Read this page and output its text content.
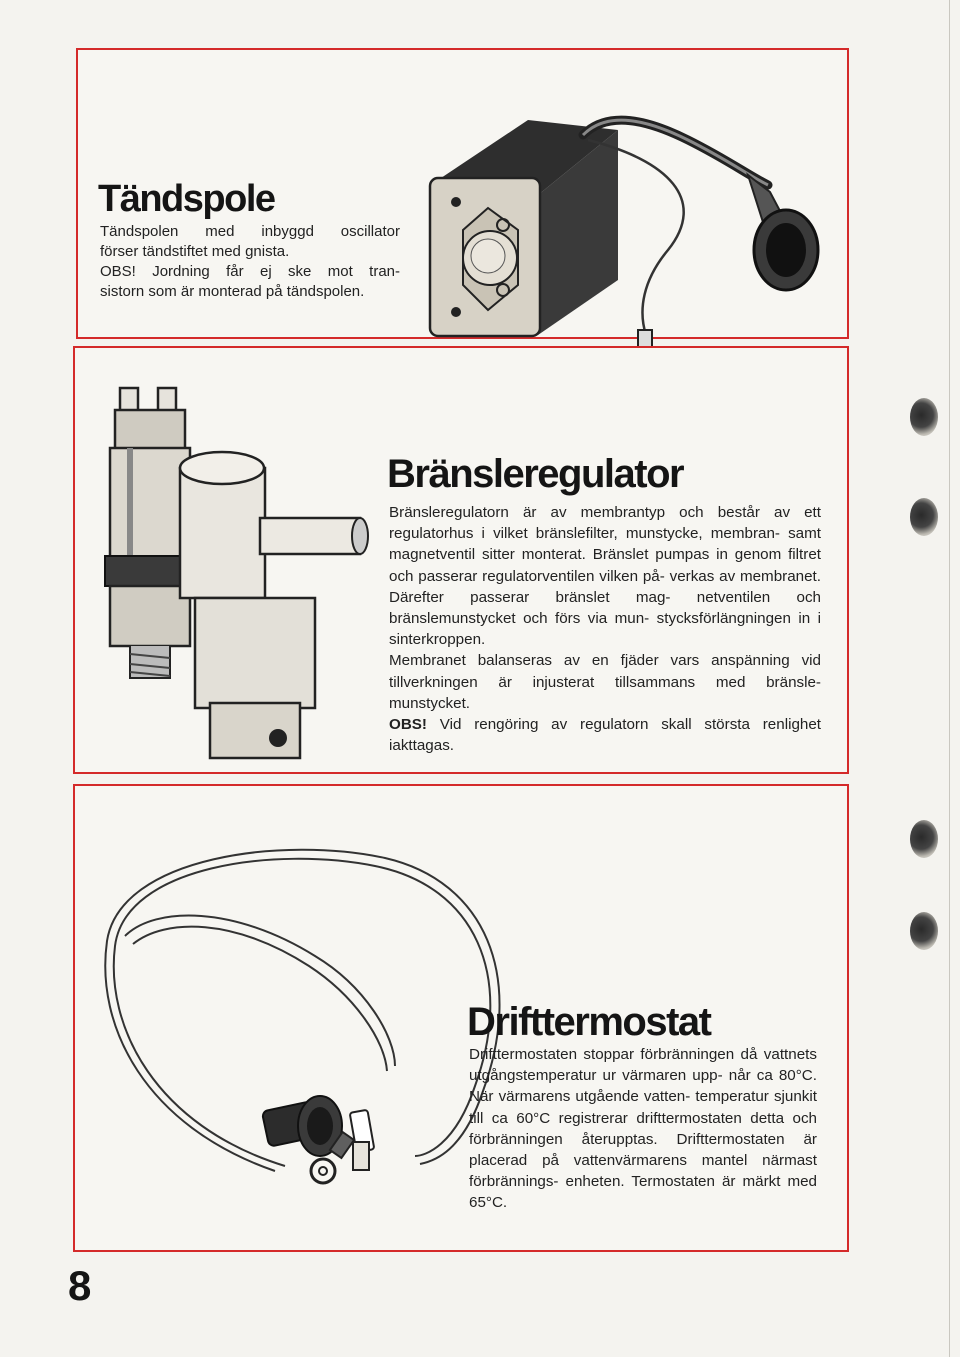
Tändspole

Tändspolen med inbyggd oscillator

förser tändstiftet med gnista.

OBS! Jordning får ej ske mot tran-

sistorn som är monterad på tändspolen.

Bränsleregulator

Bränsleregulatorn är av membrantyp och består av ett regulatorhus i vilket bränslefilter, munstycke, membran- samt magnetventil sitter monterat. Bränslet pumpas in genom filtret och passerar regulatorventilen vilken på- verkas av membranet. Därefter passerar bränslet mag- netventilen och bränslemunstycket och förs via mun- stycksförlängningen in i sinterkroppen.

Membranet balanseras av en fjäder vars anspänning vid tillverkningen är injusterat tillsammans med bränsle- munstycket.

OBS! Vid rengöring av regulatorn skall största renlighet iakttagas.

Drifttermostat

Drifttermostaten stoppar förbränningen då vattnets utgångstemperatur ur värmaren upp- når ca 80°C. När värmarens utgående vatten- temperatur sjunkit till ca 60°C registrerar drifttermostaten detta och förbränningen återupptas. Drifttermostaten är placerad på vattenvärmarens mantel närmast förbrännings- enheten. Termostaten är märkt med 65°C.

8
